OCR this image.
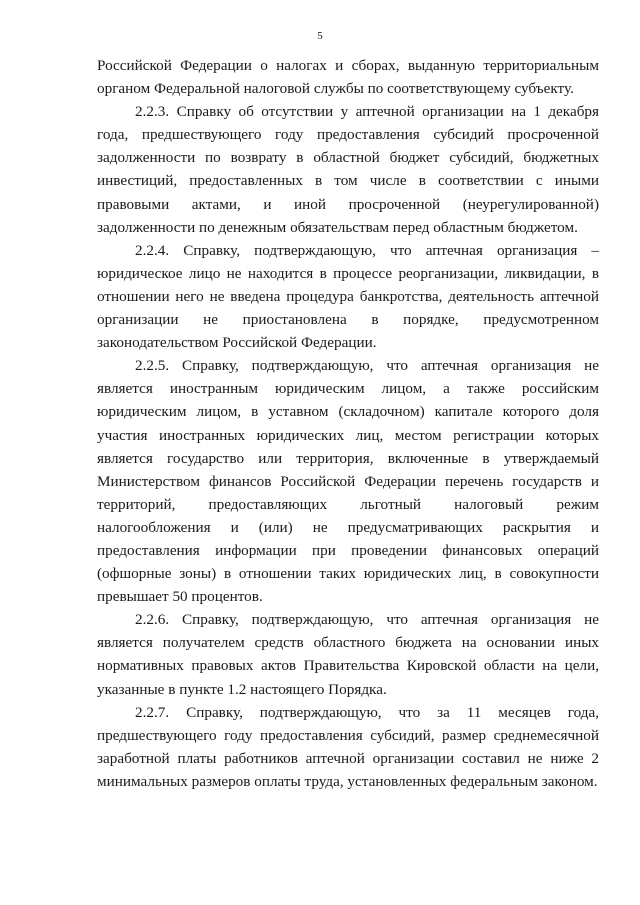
5

Российской Федерации о налогах и сборах, выданную территориальным органом Федеральной налоговой службы по соответствующему субъекту.

2.2.3. Справку об отсутствии у аптечной организации на 1 декабря года, предшествующего году предоставления субсидий просроченной задолженности по возврату в областной бюджет субсидий, бюджетных инвестиций, предоставленных в том числе в соответствии с иными правовыми актами, и иной просроченной (неурегулированной) задолженности по денежным обязательствам перед областным бюджетом.

2.2.4. Справку, подтверждающую, что аптечная организация – юридическое лицо не находится в процессе реорганизации, ликвидации, в отношении него не введена процедура банкротства, деятельность аптечной организации не приостановлена в порядке, предусмотренном законодательством Российской Федерации.

2.2.5. Справку, подтверждающую, что аптечная организация не является иностранным юридическим лицом, а также российским юридическим лицом, в уставном (складочном) капитале которого доля участия иностранных юридических лиц, местом регистрации которых является государство или территория, включенные в утверждаемый Министерством финансов Российской Федерации перечень государств и территорий, предоставляющих льготный налоговый режим налогообложения и (или) не предусматривающих раскрытия и предоставления информации при проведении финансовых операций (офшорные зоны) в отношении таких юридических лиц, в совокупности превышает 50 процентов.

2.2.6. Справку, подтверждающую, что аптечная организация не является получателем средств областного бюджета на основании иных нормативных правовых актов Правительства Кировской области на цели, указанные в пункте 1.2 настоящего Порядка.

2.2.7. Справку, подтверждающую, что за 11 месяцев года, предшествующего году предоставления субсидий, размер среднемесячной заработной платы работников аптечной организации составил не ниже 2 минимальных размеров оплаты труда, установленных федеральным законом.
